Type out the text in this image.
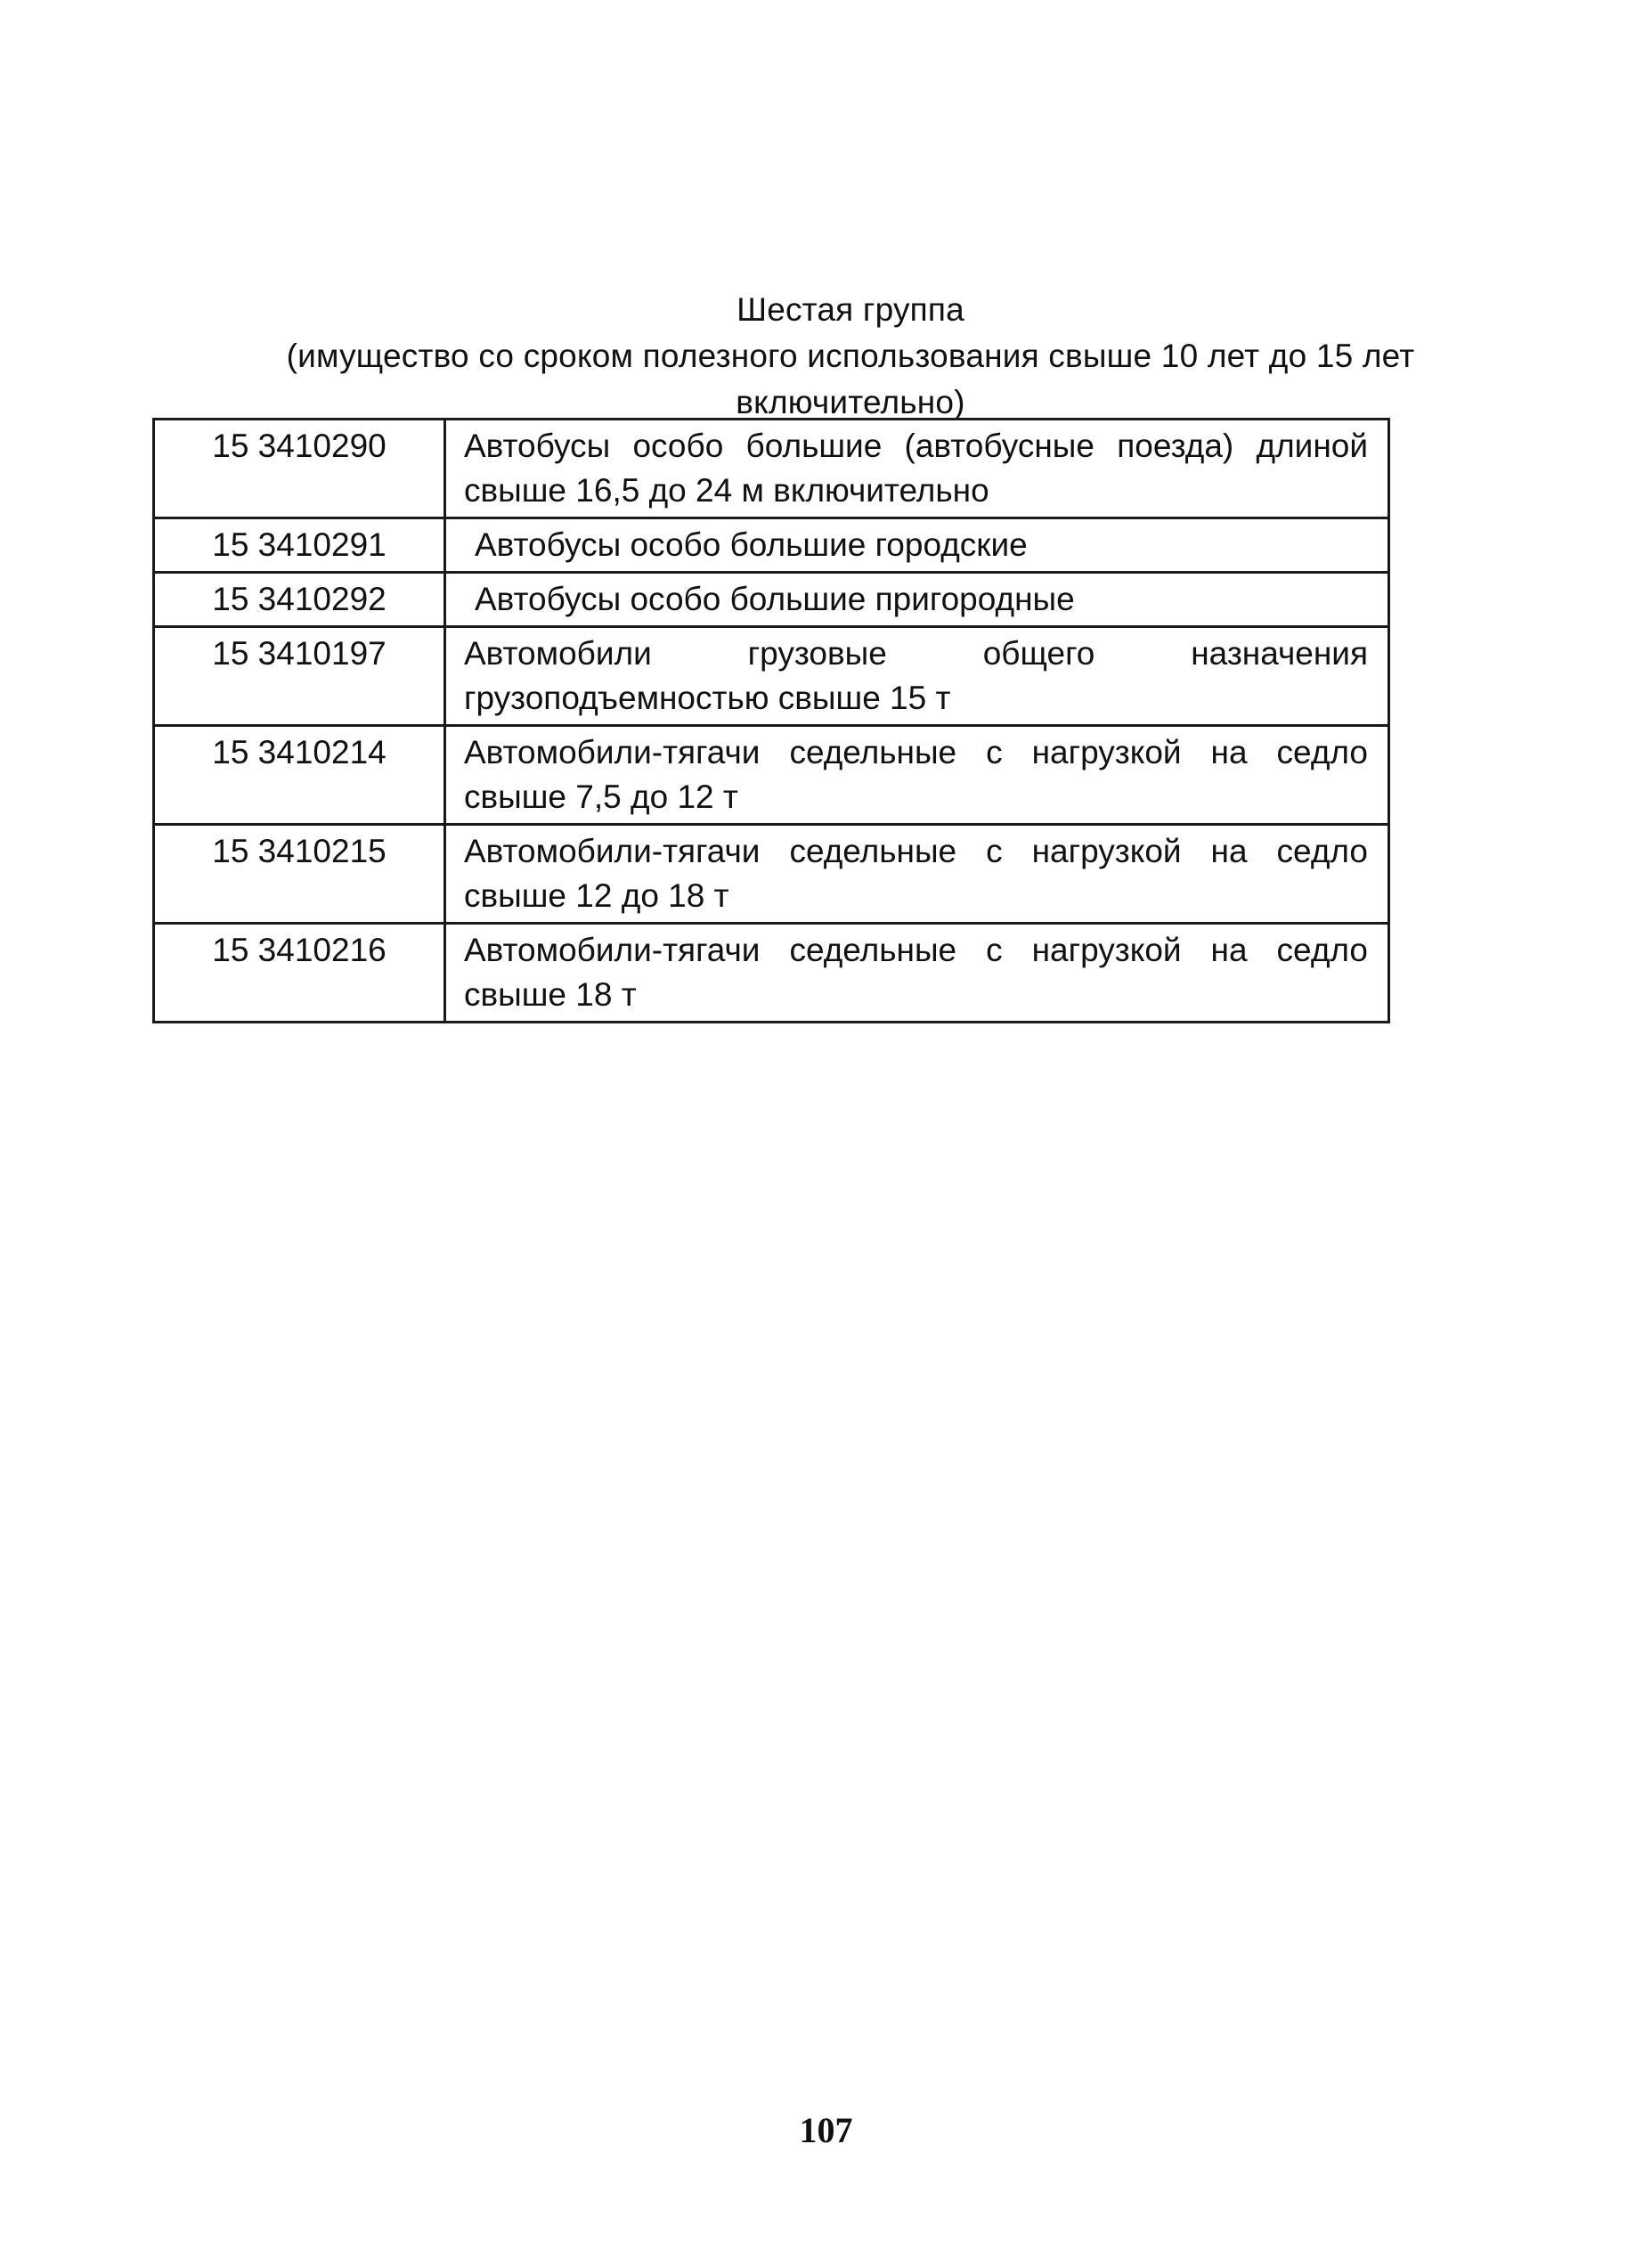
Шестая группа
(имущество со сроком полезного использования свыше 10 лет до 15 лет
включительно)
15 3410290	Автобусы особо большие (автобусные поезда) длиной свыше 16,5 до 24 м включительно
15 3410291	Автобусы особо большие городские
15 3410292	Автобусы особо большие пригородные
15 3410197	Автомобили грузовые общего назначения грузоподъемностью свыше 15 т
15 3410214	Автомобили-тягачи седельные с нагрузкой на седло свыше 7,5 до 12 т
15 3410215	Автомобили-тягачи седельные с нагрузкой на седло свыше 12 до 18 т
15 3410216	Автомобили-тягачи седельные с нагрузкой на седло свыше 18 т
107
